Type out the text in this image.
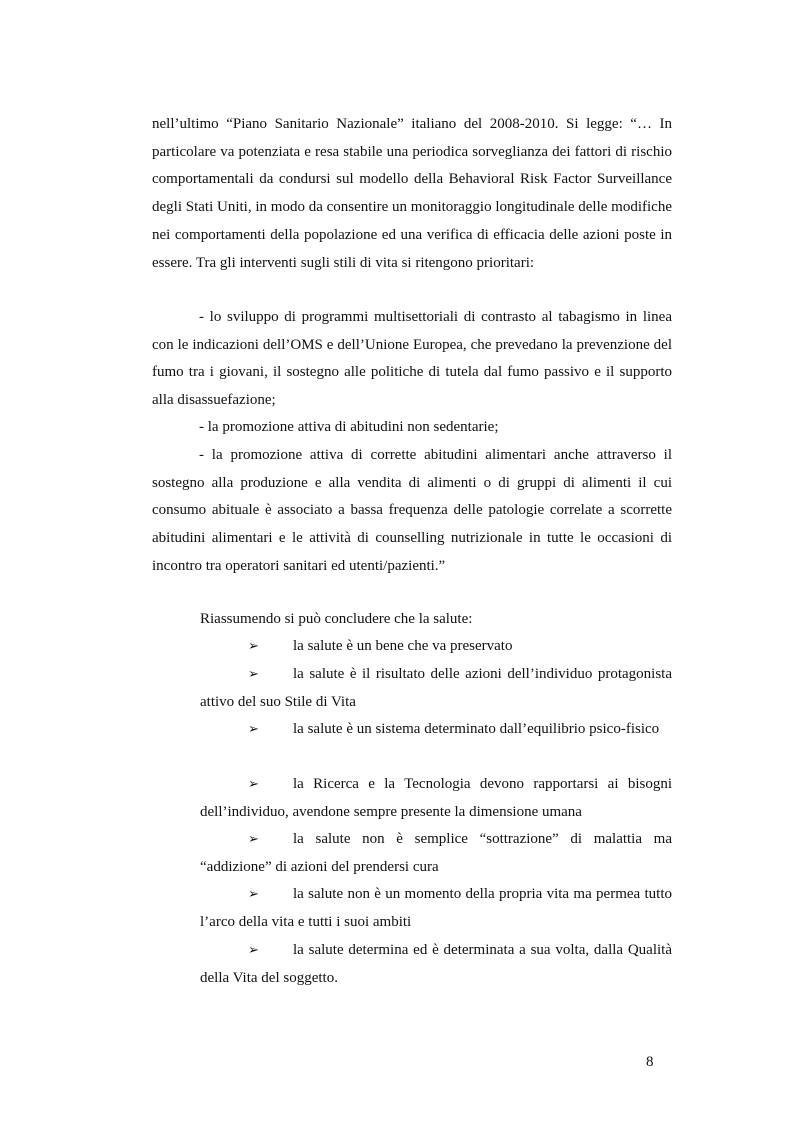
nell’ultimo “Piano Sanitario Nazionale” italiano del 2008-2010. Si legge: “… In particolare va potenziata e resa stabile una periodica sorveglianza dei fattori di rischio comportamentali da condursi sul modello della Behavioral Risk Factor Surveillance degli Stati Uniti, in modo da consentire un monitoraggio longitudinale delle modifiche nei comportamenti della popolazione ed una verifica di efficacia delle azioni poste in essere. Tra gli interventi sugli stili di vita si ritengono prioritari:

- lo sviluppo di programmi multisettoriali di contrasto al tabagismo in linea con le indicazioni dell’OMS e dell’Unione Europea, che prevedano la prevenzione del fumo tra i giovani, il sostegno alle politiche di tutela dal fumo passivo e il supporto alla disassuefazione;

- la promozione attiva di abitudini non sedentarie;

- la promozione attiva di corrette abitudini alimentari anche attraverso il sostegno alla produzione e alla vendita di alimenti o di gruppi di alimenti il cui consumo abituale è associato a bassa frequenza delle patologie correlate a scorrette abitudini alimentari e le attività di counselling nutrizionale in tutte le occasioni di incontro tra operatori sanitari ed utenti/pazienti.”

Riassumendo si può concludere che la salute:

➢ la salute è un bene che va preservato

➢ la salute è il risultato delle azioni dell’individuo protagonista attivo del suo Stile di Vita

➢ la salute è un sistema determinato dall’equilibrio psico-fisico

➢ la Ricerca e la Tecnologia devono rapportarsi ai bisogni dell’individuo, avendone sempre presente la dimensione umana

➢ la salute non è semplice “sottrazione” di malattia ma “addizione” di azioni del prendersi cura

➢ la salute non è un momento della propria vita ma permea tutto l’arco della vita e tutti i suoi ambiti

➢ la salute determina ed è determinata a sua volta, dalla Qualità della Vita del soggetto.

8
